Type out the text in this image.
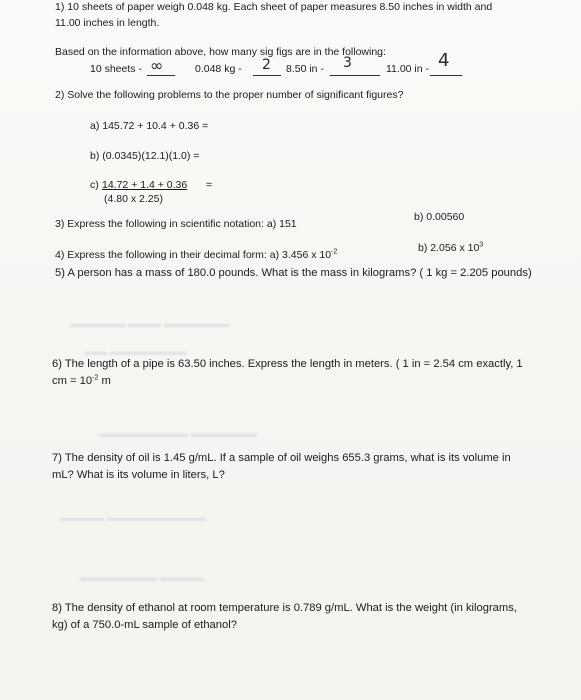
▬▬▬▬▬ ▬▬▬ ▬▬▬▬▬▬
▬▬ ▬▬▬▬▬▬▬
▬▬▬▬▬▬▬▬ ▬▬▬▬▬▬
▬▬▬▬ ▬▬▬▬▬▬▬▬▬
▬▬▬▬▬▬▬ ▬▬▬▬
1) 10 sheets of paper weigh 0.048 kg. Each sheet of paper measures 8.50 inches in width and
11.00 inches in length.
Based on the information above, how many sig figs are in the following:
10 sheets - ∞	0.048 kg - 2 8.50 in - 3	11.00 in - 4
2) Solve the following problems to the proper number of significant figures?
a) 145.72 + 10.4 + 0.36 =
b) (0.0345)(12.1)(1.0) =
c) 14.72 + 1.4 + 0.36 =
(4.80 x 2.25)
3) Express the following in scientific notation: a) 151
b) 0.00560
4) Express the following in their decimal form: a) 3.456 x $10^{-2}$	b) 2.056 x $10^3$
5) A person has a mass of 180.0 pounds. What is the mass in kilograms? ( 1 kg = 2.205 pounds)
6) The length of a pipe is 63.50 inches. Express the length in meters. ( 1 in = 2.54 cm exactly, 1
cm = $10^{-2}$ m
7) The density of oil is 1.45 g/mL. If a sample of oil weighs 655.3 grams, what is its volume in
mL? What is its volume in liters, L?
8) The density of ethanol at room temperature is 0.789 g/mL. What is the weight (in kilograms,
kg) of a 750.0-mL sample of ethanol?
